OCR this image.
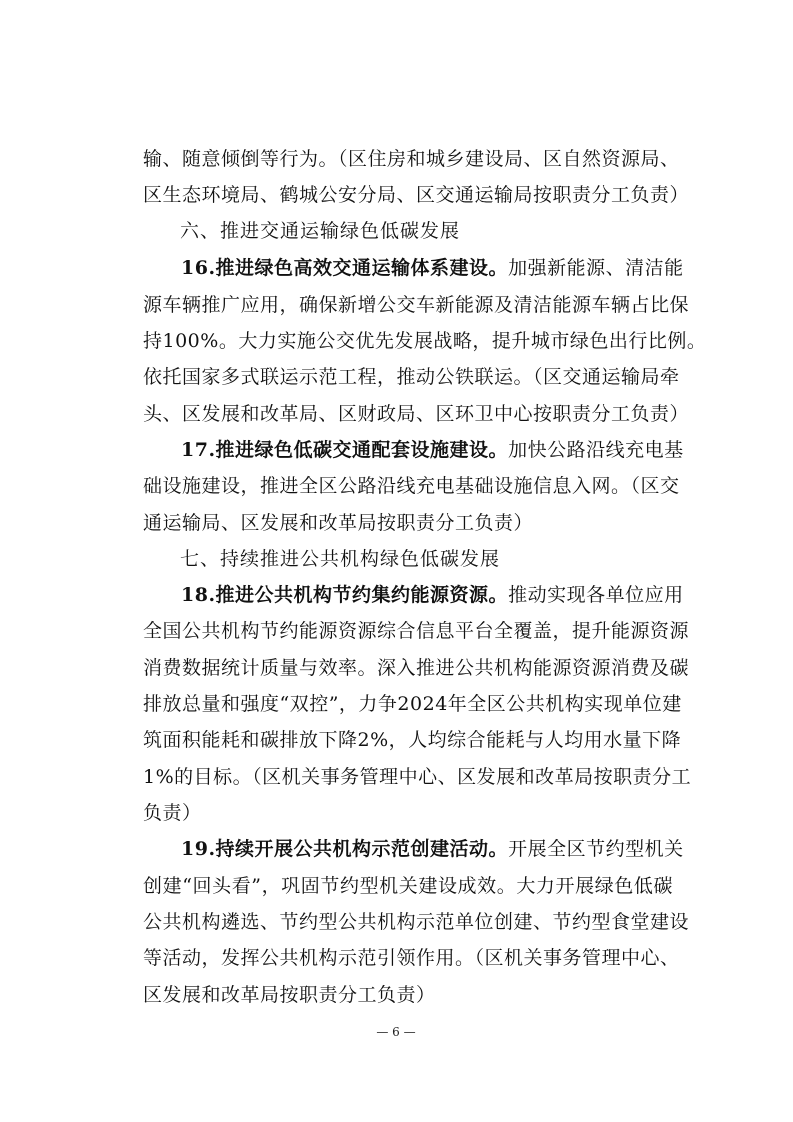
输、随意倾倒等行为。（区住房和城乡建设局、区自然资源局、
区生态环境局、鹤城公安分局、区交通运输局按职责分工负责）
六、推进交通运输绿色低碳发展
16.推进绿色高效交通运输体系建设。加强新能源、清洁能
源车辆推广应用，确保新增公交车新能源及清洁能源车辆占比保
持100%。大力实施公交优先发展战略，提升城市绿色出行比例。
依托国家多式联运示范工程，推动公铁联运。（区交通运输局牵
头、区发展和改革局、区财政局、区环卫中心按职责分工负责）
17.推进绿色低碳交通配套设施建设。加快公路沿线充电基
础设施建设，推进全区公路沿线充电基础设施信息入网。（区交
通运输局、区发展和改革局按职责分工负责）
七、持续推进公共机构绿色低碳发展
18.推进公共机构节约集约能源资源。推动实现各单位应用
全国公共机构节约能源资源综合信息平台全覆盖，提升能源资源
消费数据统计质量与效率。深入推进公共机构能源资源消费及碳
排放总量和强度“双控”，力争2024年全区公共机构实现单位建
筑面积能耗和碳排放下降2%，人均综合能耗与人均用水量下降
1%的目标。（区机关事务管理中心、区发展和改革局按职责分工
负责）
19.持续开展公共机构示范创建活动。开展全区节约型机关
创建“回头看”，巩固节约型机关建设成效。大力开展绿色低碳
公共机构遴选、节约型公共机构示范单位创建、节约型食堂建设
等活动，发挥公共机构示范引领作用。（区机关事务管理中心、
区发展和改革局按职责分工负责）
— 6 —
